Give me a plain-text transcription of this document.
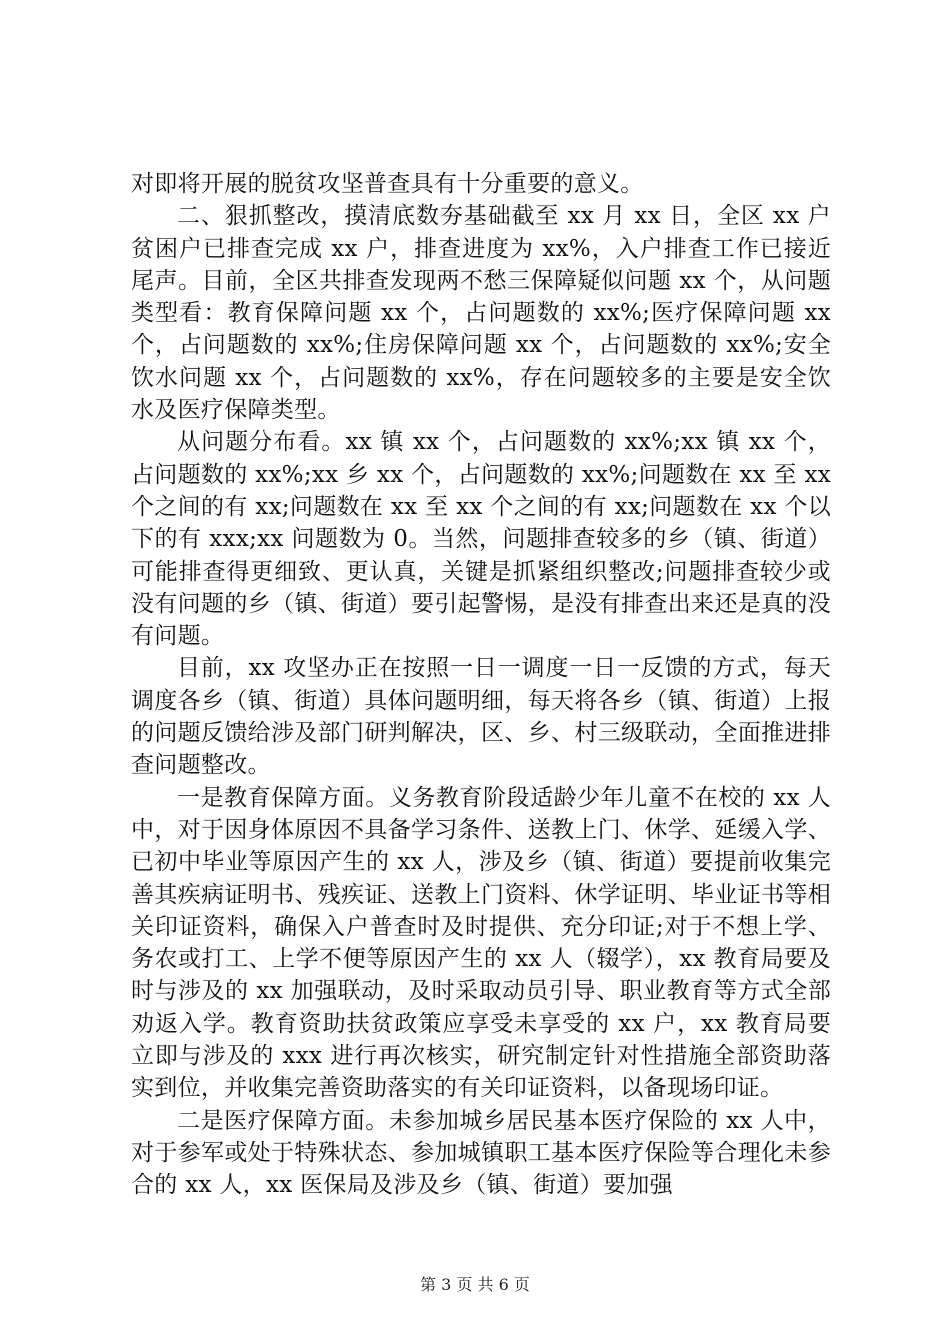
对即将开展的脱贫攻坚普查具有十分重要的意义。

二、狠抓整改，摸清底数夯基础截至 xx 月 xx 日，全区 xx 户贫困户已排查完成 xx 户，排查进度为 xx%，入户排查工作已接近尾声。目前，全区共排查发现两不愁三保障疑似问题 xx 个，从问题类型看：教育保障问题 xx 个，占问题数的 xx%;医疗保障问题 xx 个，占问题数的 xx%;住房保障问题 xx 个，占问题数的 xx%;安全饮水问题 xx 个，占问题数的 xx%，存在问题较多的主要是安全饮水及医疗保障类型。

从问题分布看。xx 镇 xx 个，占问题数的 xx%;xx 镇 xx 个，占问题数的 xx%;xx 乡 xx 个，占问题数的 xx%;问题数在 xx 至 xx 个之间的有 xx;问题数在 xx 至 xx 个之间的有 xx;问题数在 xx 个以下的有 xxx;xx 问题数为 0。当然，问题排查较多的乡（镇、街道）可能排查得更细致、更认真，关键是抓紧组织整改;问题排查较少或没有问题的乡（镇、街道）要引起警惕，是没有排查出来还是真的没有问题。

目前，xx 攻坚办正在按照一日一调度一日一反馈的方式，每天调度各乡（镇、街道）具体问题明细，每天将各乡（镇、街道）上报的问题反馈给涉及部门研判解决，区、乡、村三级联动，全面推进排查问题整改。

一是教育保障方面。义务教育阶段适龄少年儿童不在校的 xx 人中，对于因身体原因不具备学习条件、送教上门、休学、延缓入学、已初中毕业等原因产生的 xx 人，涉及乡（镇、街道）要提前收集完善其疾病证明书、残疾证、送教上门资料、休学证明、毕业证书等相关印证资料，确保入户普查时及时提供、充分印证;对于不想上学、务农或打工、上学不便等原因产生的 xx 人（辍学），xx 教育局要及时与涉及的 xx 加强联动，及时采取动员引导、职业教育等方式全部劝返入学。教育资助扶贫政策应享受未享受的 xx 户，xx 教育局要立即与涉及的 xxx 进行再次核实，研究制定针对性措施全部资助落实到位，并收集完善资助落实的有关印证资料，以备现场印证。

二是医疗保障方面。未参加城乡居民基本医疗保险的 xx 人中，对于参军或处于特殊状态、参加城镇职工基本医疗保险等合理化未参合的 xx 人，xx 医保局及涉及乡（镇、街道）要加强

第 3 页 共 6 页
